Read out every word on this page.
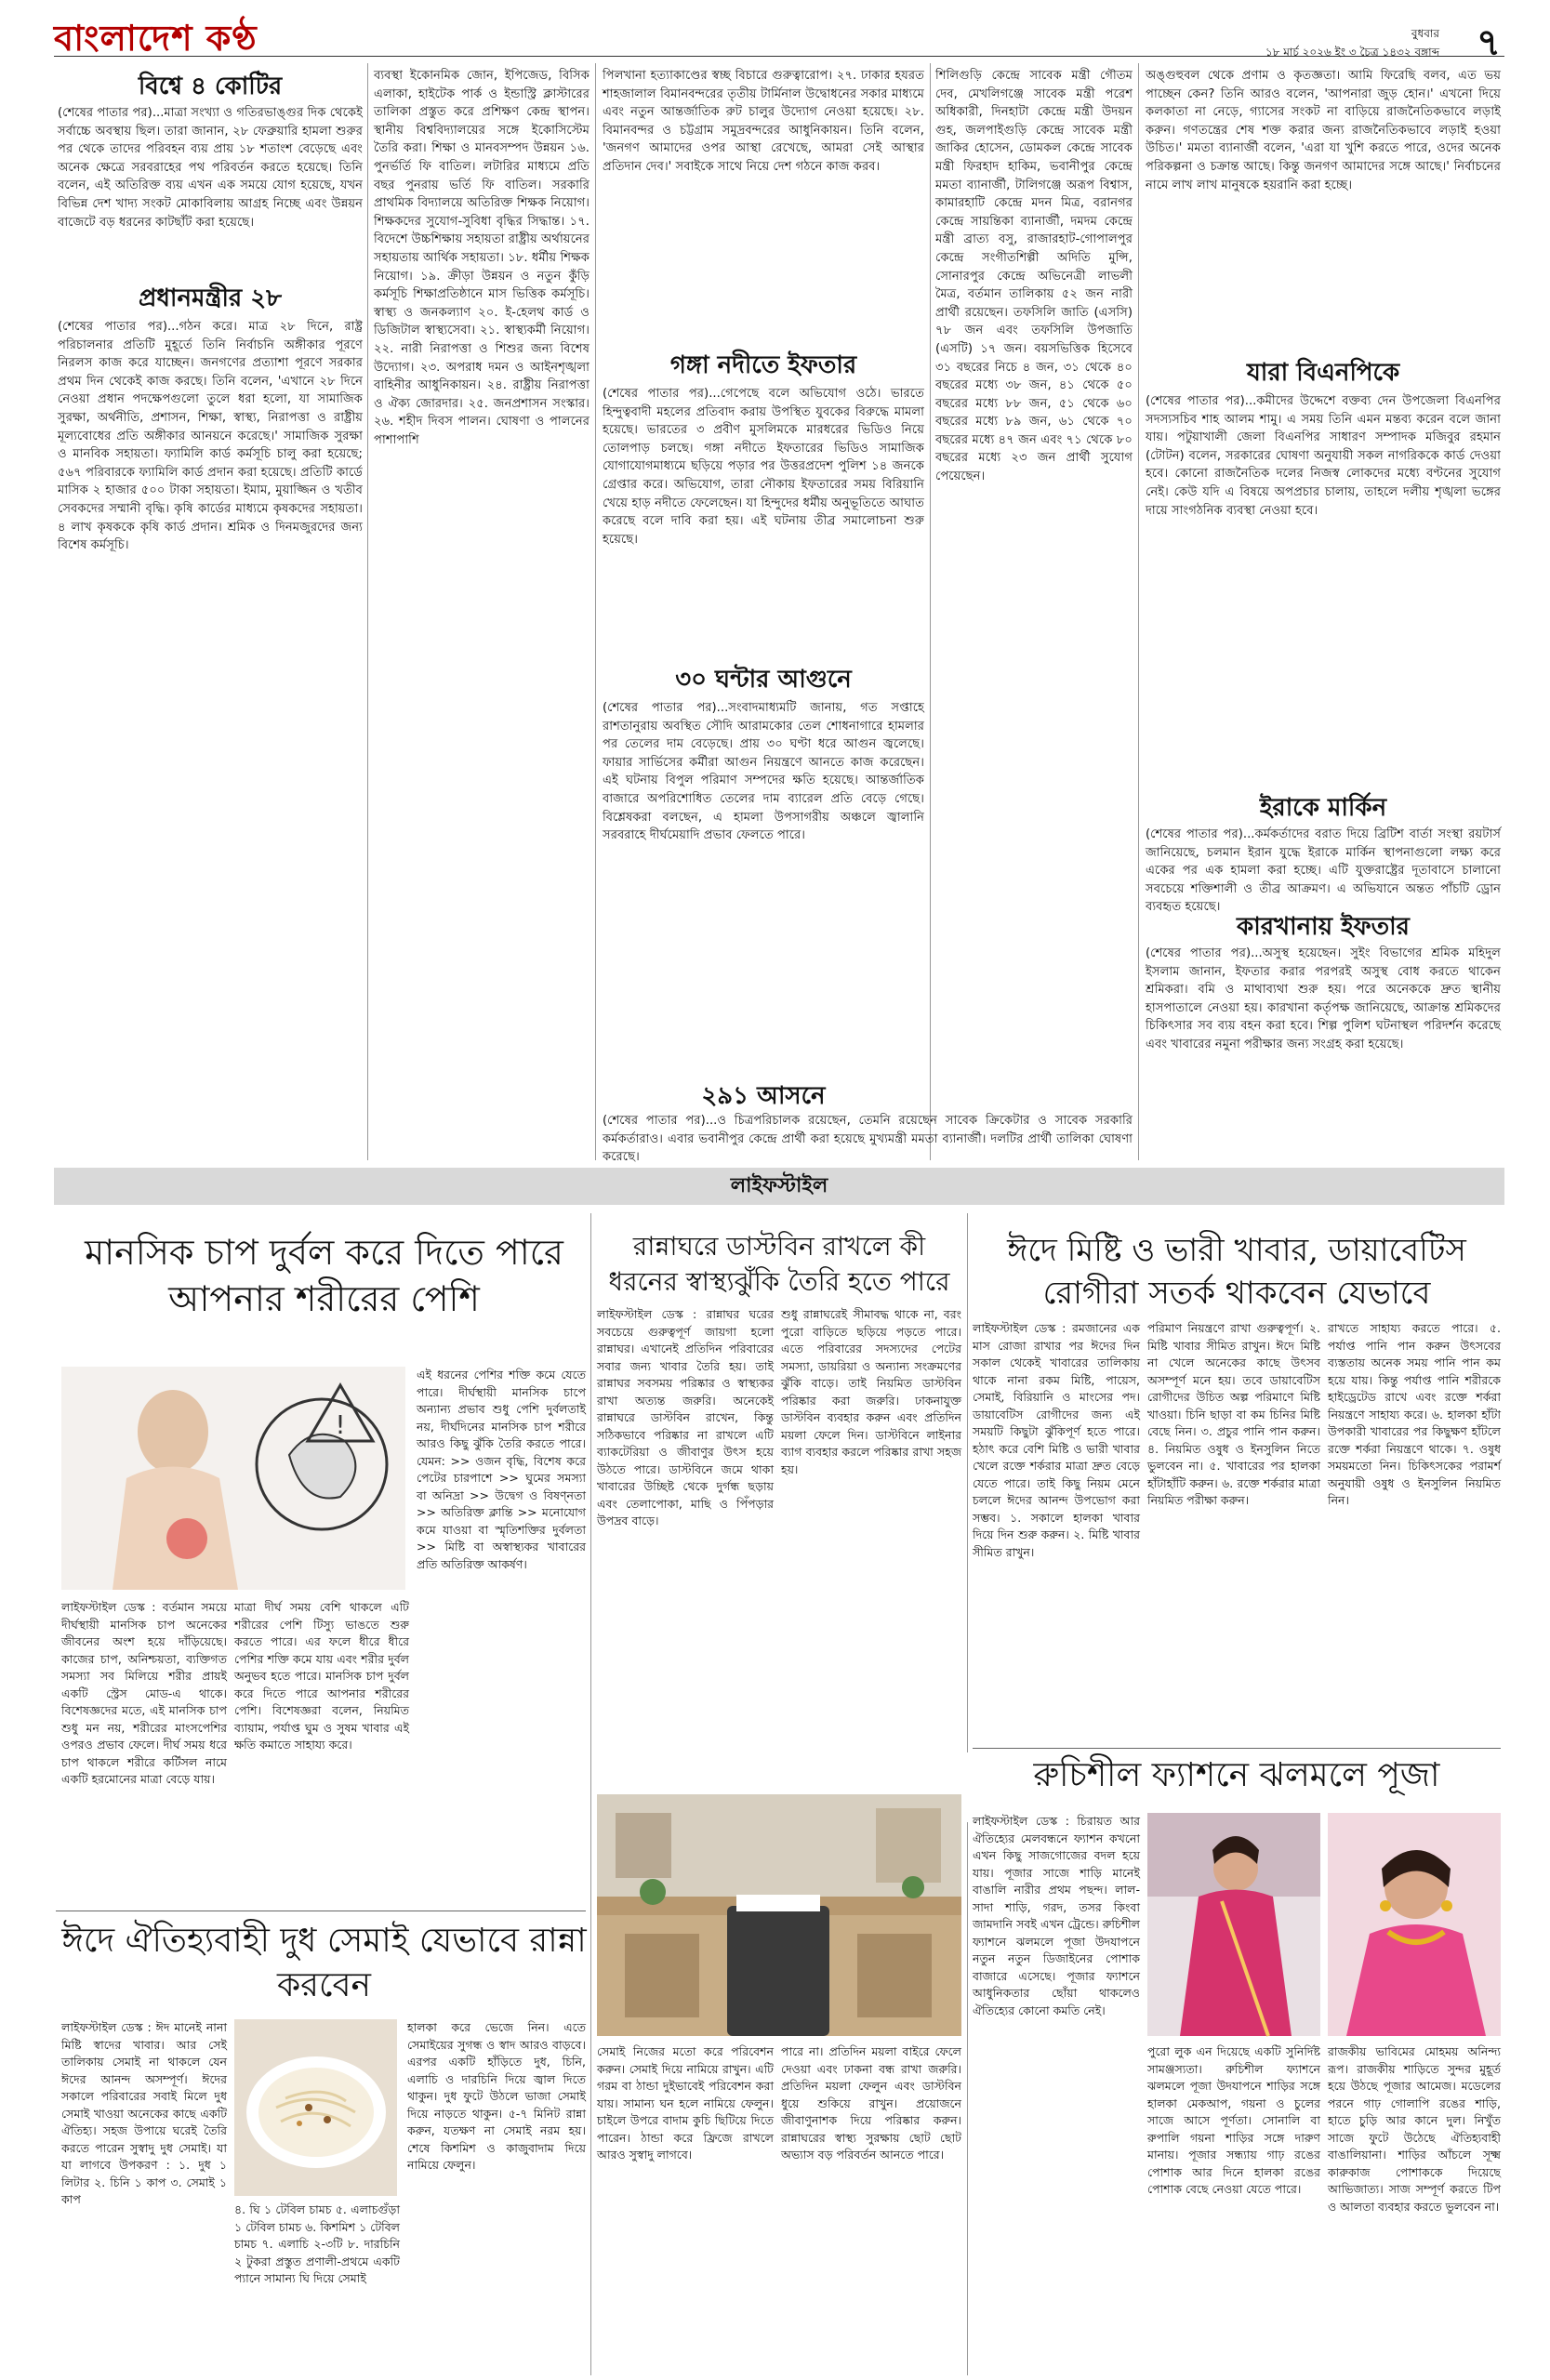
বাংলাদেশ কণ্ঠ	বুধবার
১৮ মার্চ ২০২৬ ইং ৩ চৈত্র ১৪৩২ বঙ্গাব্দ ৭
বিশ্বে ৪ কোটির
(শেষের পাতার পর)...মাত্রা সংখ্যা ও গতিরভাঙ্গুর দিক থেকেই সর্বাচ্চে অবস্থায় ছিল। তারা জানান, ২৮ ফেব্রুয়ারি হামলা শুরুর পর থেকে তাদের পরিবহন ব্যয় প্রায় ১৮ শতাংশ বেড়েছে এবং অনেক ক্ষেত্রে সরবরাহের পথ পরিবর্তন করতে হয়েছে। তিনি বলেন, এই অতিরিক্ত ব্যয় এখন এক সময়ে যোগ হয়েছে, যখন বিভিন্ন দেশ খাদ্য সংকট মোকাবিলায় আগ্রহ নিচ্ছে এবং উন্নয়ন বাজেটে বড় ধরনের কাটছাঁট করা হয়েছে।
প্রধানমন্ত্রীর ২৮
(শেষের পাতার পর)...গঠন করে। মাত্র ২৮ দিনে, রাষ্ট্র পরিচালনার প্রতিটি মুহূর্তে তিনি নির্বাচনি অঙ্গীকার পূরণে নিরলস কাজ করে যাচ্ছেন। জনগণের প্রত্যাশা পূরণে সরকার প্রথম দিন থেকেই কাজ করছে। তিনি বলেন, 'এখানে ২৮ দিনে নেওয়া প্রধান পদক্ষেপগুলো তুলে ধরা হলো, যা সামাজিক সুরক্ষা, অর্থনীতি, প্রশাসন, শিক্ষা, স্বাস্থ্য, নিরাপত্তা ও রাষ্ট্রীয় মূল্যবোধের প্রতি অঙ্গীকার আনয়নে করেছে।' সামাজিক সুরক্ষা ও মানবিক সহায়তা। ফ্যামিলি কার্ড কর্মসূচি চালু করা হয়েছে; ৫৬৭ পরিবারকে ফ্যামিলি কার্ড প্রদান করা হয়েছে। প্রতিটি কার্ডে মাসিক ২ হাজার ৫০০ টাকা সহায়তা। ইমাম, মুয়াজ্জিন ও খতীব সেবকদের সম্মানী বৃদ্ধি। কৃষি কার্ডের মাধ্যমে কৃষকদের সহায়তা। ৪ লাখ কৃষককে কৃষি কার্ড প্রদান। শ্রমিক ও দিনমজুরদের জন্য বিশেষ কর্মসূচি।
ব্যবস্থা ইকোনমিক জোন, ইপিজেড, বিসিক এলাকা, হাইটেক পার্ক ও ইন্ডাস্ট্রি ক্লাস্টারের তালিকা প্রস্তুত করে প্রশিক্ষণ কেন্দ্র স্থাপন। স্থানীয় বিশ্ববিদ্যালয়ের সঙ্গে ইকোসিস্টেম তৈরি করা। শিক্ষা ও মানবসম্পদ উন্নয়ন ১৬. পুনর্ভর্তি ফি বাতিল। লটারির মাধ্যমে প্রতি বছর পুনরায় ভর্তি ফি বাতিল। সরকারি প্রাথমিক বিদ্যালয়ে অতিরিক্ত শিক্ষক নিয়োগ। শিক্ষকদের সুযোগ-সুবিধা বৃদ্ধির সিদ্ধান্ত। ১৭. বিদেশে উচ্চশিক্ষায় সহায়তা রাষ্ট্রীয় অর্থায়নের সহায়তায় আর্থিক সহায়তা। ১৮. ধর্মীয় শিক্ষক নিয়োগ। ১৯. ক্রীড়া উন্নয়ন ও নতুন কুঁড়ি কর্মসূচি শিক্ষাপ্রতিষ্ঠানে মাস ভিত্তিক কর্মসূচি। স্বাস্থ্য ও জনকল্যাণ ২০. ই-হেলথ কার্ড ও ডিজিটাল স্বাস্থ্যসেবা। ২১. স্বাস্থ্যকর্মী নিয়োগ। ২২. নারী নিরাপত্তা ও শিশুর জন্য বিশেষ উদ্যোগ। ২৩. অপরাধ দমন ও আইনশৃঙ্খলা বাহিনীর আধুনিকায়ন। ২৪. রাষ্ট্রীয় নিরাপত্তা ও ঐক্য জোরদার। ২৫. জনপ্রশাসন সংস্কার। ২৬. শহীদ দিবস পালন। ঘোষণা ও পালনের পাশাপাশি
পিলখানা হত্যাকাণ্ডের স্বচ্ছ বিচারে গুরুত্বারোপ। ২৭. ঢাকার হযরত শাহজালাল বিমানবন্দরের তৃতীয় টার্মিনাল উদ্বোধনের সকার মাধ্যমে এবং নতুন আন্তর্জাতিক রুট চালুর উদ্যোগ নেওয়া হয়েছে। ২৮. বিমানবন্দর ও চট্টগ্রাম সমুদ্রবন্দরের আধুনিকায়ন। তিনি বলেন, 'জনগণ আমাদের ওপর আস্থা রেখেছে, আমরা সেই আস্থার প্রতিদান দেব।' সবাইকে সাথে নিয়ে দেশ গঠনে কাজ করব।
গঙ্গা নদীতে ইফতার
(শেষের পাতার পর)...গেপেছে বলে অভিযোগ ওঠে। ভারতে হিন্দুত্ববাদী মহলের প্রতিবাদ করায় উপস্থিত যুবকের বিরুদ্ধে মামলা হয়েছে। ভারতের ৩ প্রবীণ মুসলিমকে মারধরের ভিডিও নিয়ে তোলপাড় চলছে। গঙ্গা নদীতে ইফতারের ভিডিও সামাজিক যোগাযোগমাধ্যমে ছড়িয়ে পড়ার পর উত্তরপ্রদেশ পুলিশ ১৪ জনকে গ্রেপ্তার করে। অভিযোগ, তারা নৌকায় ইফতারের সময় বিরিয়ানি খেয়ে হাড় নদীতে ফেলেছেন। যা হিন্দুদের ধর্মীয় অনুভূতিতে আঘাত করেছে বলে দাবি করা হয়। এই ঘটনায় তীব্র সমালোচনা শুরু হয়েছে।
৩০ ঘন্টার আগুনে
(শেষের পাতার পর)...সংবাদমাধ্যমটি জানায়, গত সপ্তাহে রাশতানুরায় অবস্থিত সৌদি আরামকোর তেল শোধনাগারে হামলার পর তেলের দাম বেড়েছে। প্রায় ৩০ ঘণ্টা ধরে আগুন জ্বলেছে। ফায়ার সার্ভিসের কর্মীরা আগুন নিয়ন্ত্রণে আনতে কাজ করেছেন। এই ঘটনায় বিপুল পরিমাণ সম্পদের ক্ষতি হয়েছে। আন্তর্জাতিক বাজারে অপরিশোধিত তেলের দাম ব্যারেল প্রতি বেড়ে গেছে। বিশ্লেষকরা বলছেন, এ হামলা উপসাগরীয় অঞ্চলে জ্বালানি সরবরাহে দীর্ঘমেয়াদি প্রভাব ফেলতে পারে।
২৯১ আসনে
(শেষের পাতার পর)...ও চিত্রপরিচালক রয়েছেন, তেমনি রয়েছেন সাবেক ক্রিকেটার ও সাবেক সরকারি কর্মকর্তারাও। এবার ভবানীপুর কেন্দ্রে প্রার্থী করা হয়েছে মুখ্যমন্ত্রী মমতা ব্যানার্জী। দলটির প্রার্থী তালিকা ঘোষণা করেছে।
শিলিগুড়ি কেন্দ্রে সাবেক মন্ত্রী গৌতম দেব, মেখলিগঞ্জে সাবেক মন্ত্রী পরেশ অধিকারী, দিনহাটা কেন্দ্রে মন্ত্রী উদয়ন গুহ, জলপাইগুড়ি কেন্দ্রে সাবেক মন্ত্রী জাকির হোসেন, ডোমকল কেন্দ্রে সাবেক মন্ত্রী ফিরহাদ হাকিম, ভবানীপুর কেন্দ্রে মমতা ব্যানার্জী, টালিগঞ্জে অরূপ বিশ্বাস, কামারহাটি কেন্দ্রে মদন মিত্র, বরানগর কেন্দ্রে সায়ন্তিকা ব্যানার্জী, দমদম কেন্দ্রে মন্ত্রী ব্রাত্য বসু, রাজারহাট-গোপালপুর কেন্দ্রে সংগীতশিল্পী অদিতি মুন্সি, সোনারপুর কেন্দ্রে অভিনেত্রী লাভলী মৈত্র, বর্তমান তালিকায় ৫২ জন নারী প্রার্থী রয়েছেন। তফসিলি জাতি (এসসি) ৭৮ জন এবং তফসিলি উপজাতি (এসটি) ১৭ জন। বয়সভিত্তিক হিসেবে ৩১ বছরের নিচে ৪ জন, ৩১ থেকে ৪০ বছরের মধ্যে ৩৮ জন, ৪১ থেকে ৫০ বছরের মধ্যে ৮৮ জন, ৫১ থেকে ৬০ বছরের মধ্যে ৮৯ জন, ৬১ থেকে ৭০ বছরের মধ্যে ৪৭ জন এবং ৭১ থেকে ৮০ বছরের মধ্যে ২৩ জন প্রার্থী সুযোগ পেয়েছেন।
অঙ্গুহুবল থেকে প্রণাম ও কৃতজ্ঞতা। আমি ফিরেছি বলব, এত ভয় পাচ্ছেন কেন? তিনি আরও বলেন, 'আপনারা জুড় হোন।' এখনো দিয়ে কলকাতা না নেড়ে, গ্যাসের সংকট না বাড়িয়ে রাজনৈতিকভাবে লড়াই করুন। গণতন্ত্রের শেষ শক্ত করার জন্য রাজনৈতিকভাবে লড়াই হওয়া উচিত।' মমতা ব্যানার্জী বলেন, 'এরা যা খুশি করতে পারে, ওদের অনেক পরিকল্পনা ও চক্রান্ত আছে। কিন্তু জনগণ আমাদের সঙ্গে আছে।' নির্বাচনের নামে লাখ লাখ মানুষকে হয়রানি করা হচ্ছে।
যারা বিএনপিকে
(শেষের পাতার পর)...কমীদের উদ্দেশে বক্তব্য দেন উপজেলা বিএনপির সদস্যসচিব শাহ আলম শামু। এ সময় তিনি এমন মন্তব্য করেন বলে জানা যায়। পটুয়াখালী জেলা বিএনপির সাধারণ সম্পাদক মজিবুর রহমান (টোটন) বলেন, সরকারের ঘোষণা অনুযায়ী সকল নাগরিককে কার্ড দেওয়া হবে। কোনো রাজনৈতিক দলের নিজস্ব লোকদের মধ্যে বণ্টনের সুযোগ নেই। কেউ যদি এ বিষয়ে অপপ্রচার চালায়, তাহলে দলীয় শৃঙ্খলা ভঙ্গের দায়ে সাংগঠনিক ব্যবস্থা নেওয়া হবে।
ইরাকে মার্কিন
(শেষের পাতার পর)...কর্মকর্তাদের বরাত দিয়ে ব্রিটিশ বার্তা সংস্থা রয়টার্স জানিয়েছে, চলমান ইরান যুদ্ধে ইরাকে মার্কিন স্থাপনাগুলো লক্ষ্য করে একের পর এক হামলা করা হচ্ছে। এটি যুক্তরাষ্ট্রের দূতাবাসে চালানো সবচেয়ে শক্তিশালী ও তীব্র আক্রমণ। এ অভিযানে অন্তত পাঁচটি ড্রোন ব্যবহৃত হয়েছে।
কারখানায় ইফতার
(শেষের পাতার পর)...অসুস্থ হয়েছেন। সুইং বিভাগের শ্রমিক মহিদুল ইসলাম জানান, ইফতার করার পরপরই অসুস্থ বোধ করতে থাকেন শ্রমিকরা। বমি ও মাথাব্যথা শুরু হয়। পরে অনেককে দ্রুত স্থানীয় হাসপাতালে নেওয়া হয়। কারখানা কর্তৃপক্ষ জানিয়েছে, আক্রান্ত শ্রমিকদের চিকিৎসার সব ব্যয় বহন করা হবে। শিল্প পুলিশ ঘটনাস্থল পরিদর্শন করেছে এবং খাবারের নমুনা পরীক্ষার জন্য সংগ্রহ করা হয়েছে।
লাইফস্টাইল
মানসিক চাপ দুর্বল করে দিতে পারে আপনার শরীরের পেশি
!
লাইফস্টাইল ডেস্ক : বর্তমান সময়ে দীর্ঘস্থায়ী মানসিক চাপ অনেকের জীবনের অংশ হয়ে দাঁড়িয়েছে। কাজের চাপ, অনিশ্চয়তা, ব্যক্তিগত সমস্যা সব মিলিয়ে শরীর প্রায়ই একটি স্ট্রেস মোড-এ থাকে। বিশেষজ্ঞদের মতে, এই মানসিক চাপ শুধু মন নয়, শরীরের মাংসপেশির ওপরও প্রভাব ফেলে। দীর্ঘ সময় ধরে চাপ থাকলে শরীরে কর্টিসল নামে একটি হরমোনের মাত্রা বেড়ে যায়।
মাত্রা দীর্ঘ সময় বেশি থাকলে এটি শরীরের পেশি টিস্যু ভাঙতে শুরু করতে পারে। এর ফলে ধীরে ধীরে পেশির শক্তি কমে যায় এবং শরীর দুর্বল অনুভব হতে পারে। মানসিক চাপ দুর্বল করে দিতে পারে আপনার শরীরের পেশি। বিশেষজ্ঞরা বলেন, নিয়মিত ব্যায়াম, পর্যাপ্ত ঘুম ও সুষম খাবার এই ক্ষতি কমাতে সাহায্য করে।
এই ধরনের পেশির শক্তি কমে যেতে পারে। দীর্ঘস্থায়ী মানসিক চাপে অন্যান্য প্রভাব শুধু পেশি দুর্বলতাই নয়, দীর্ঘদিনের মানসিক চাপ শরীরে আরও কিছু ঝুঁকি তৈরি করতে পারে। যেমন: >> ওজন বৃদ্ধি, বিশেষ করে পেটের চারপাশে >> ঘুমের সমস্যা বা অনিদ্রা >> উদ্বেগ ও বিষণ্নতা >> অতিরিক্ত ক্লান্তি >> মনোযোগ কমে যাওয়া বা স্মৃতিশক্তির দুর্বলতা >> মিষ্টি বা অস্বাস্থ্যকর খাবারের প্রতি অতিরিক্ত আকর্ষণ।
ঈদে ঐতিহ্যবাহী দুধ সেমাই যেভাবে রান্না করবেন
লাইফস্টাইল ডেস্ক : ঈদ মানেই নানা মিষ্টি স্বাদের খাবার। আর সেই তালিকায় সেমাই না থাকলে যেন ঈদের আনন্দ অসম্পূর্ণ। ঈদের সকালে পরিবারের সবাই মিলে দুধ সেমাই খাওয়া অনেকের কাছে একটি ঐতিহ্য। সহজ উপায়ে ঘরেই তৈরি করতে পারেন সুস্বাদু দুধ সেমাই। যা যা লাগবে উপকরণ : ১. দুধ ১ লিটার ২. চিনি ১ কাপ ৩. সেমাই ১ কাপ
৪. ঘি ১ টেবিল চামচ ৫. এলাচগুঁড়া ১ টেবিল চামচ ৬. কিশমিশ ১ টেবিল চামচ ৭. এলাচি ২-৩টি ৮. দারচিনি ২ টুকরা প্রস্তুত প্রণালী-প্রথমে একটি প্যানে সামান্য ঘি দিয়ে সেমাই
হালকা করে ভেজে নিন। এতে সেমাইয়ের সুগন্ধ ও স্বাদ আরও বাড়বে। এরপর একটি হাঁড়িতে দুধ, চিনি, এলাচি ও দারচিনি দিয়ে জ্বাল দিতে থাকুন। দুধ ফুটে উঠলে ভাজা সেমাই দিয়ে নাড়তে থাকুন। ৫-৭ মিনিট রান্না করুন, যতক্ষণ না সেমাই নরম হয়। শেষে কিশমিশ ও কাজুবাদাম দিয়ে নামিয়ে ফেলুন।
রান্নাঘরে ডাস্টবিন রাখলে কী ধরনের স্বাস্থ্যঝুঁকি তৈরি হতে পারে
লাইফস্টাইল ডেস্ক : রান্নাঘর ঘরের সবচেয়ে গুরুত্বপূর্ণ জায়গা হলো রান্নাঘর। এখানেই প্রতিদিন পরিবারের সবার জন্য খাবার তৈরি হয়। তাই রান্নাঘর সবসময় পরিষ্কার ও স্বাস্থ্যকর রাখা অত্যন্ত জরুরি। অনেকেই রান্নাঘরে ডাস্টবিন রাখেন, কিন্তু সঠিকভাবে পরিষ্কার না রাখলে এটি ব্যাকটেরিয়া ও জীবাণুর উৎস হয়ে উঠতে পারে। ডাস্টবিনে জমে থাকা খাবারের উচ্ছিষ্ট থেকে দুর্গন্ধ ছড়ায় এবং তেলাপোকা, মাছি ও পিঁপড়ার উপদ্রব বাড়ে।
শুধু রান্নাঘরেই সীমাবদ্ধ থাকে না, বরং পুরো বাড়িতে ছড়িয়ে পড়তে পারে। এতে পরিবারের সদস্যদের পেটের সমস্যা, ডায়রিয়া ও অন্যান্য সংক্রমণের ঝুঁকি বাড়ে। তাই নিয়মিত ডাস্টবিন পরিষ্কার করা জরুরি। ঢাকনাযুক্ত ডাস্টবিন ব্যবহার করুন এবং প্রতিদিন ময়লা ফেলে দিন। ডাস্টবিনে লাইনার ব্যাগ ব্যবহার করলে পরিষ্কার রাখা সহজ হয়।
সেমাই নিজের মতো করে পরিবেশন করুন। সেমাই দিয়ে নামিয়ে রাখুন। এটি গরম বা ঠান্ডা দুইভাবেই পরিবেশন করা যায়। সামান্য ঘন হলে নামিয়ে ফেলুন। চাইলে উপরে বাদাম কুচি ছিটিয়ে দিতে পারেন। ঠান্ডা করে ফ্রিজে রাখলে আরও সুস্বাদু লাগবে।
পারে না। প্রতিদিন ময়লা বাইরে ফেলে দেওয়া এবং ঢাকনা বন্ধ রাখা জরুরি। প্রতিদিন ময়লা ফেলুন এবং ডাস্টবিন ধুয়ে শুকিয়ে রাখুন। প্রয়োজনে জীবাণুনাশক দিয়ে পরিষ্কার করুন। রান্নাঘরের স্বাস্থ্য সুরক্ষায় ছোট ছোট অভ্যাস বড় পরিবর্তন আনতে পারে।
ঈদে মিষ্টি ও ভারী খাবার, ডায়াবেটিস রোগীরা সতর্ক থাকবেন যেভাবে
লাইফস্টাইল ডেস্ক : রমজানের এক মাস রোজা রাখার পর ঈদের দিন সকাল থেকেই খাবারের তালিকায় থাকে নানা রকম মিষ্টি, পায়েস, সেমাই, বিরিয়ানি ও মাংসের পদ। ডায়াবেটিস রোগীদের জন্য এই সময়টি কিছুটা ঝুঁকিপূর্ণ হতে পারে। হঠাৎ করে বেশি মিষ্টি ও ভারী খাবার খেলে রক্তে শর্করার মাত্রা দ্রুত বেড়ে যেতে পারে। তাই কিছু নিয়ম মেনে চললে ঈদের আনন্দ উপভোগ করা সম্ভব। ১. সকালে হালকা খাবার দিয়ে দিন শুরু করুন। ২. মিষ্টি খাবার সীমিত রাখুন।
পরিমাণ নিয়ন্ত্রণে রাখা গুরুত্বপূর্ণ। ২. মিষ্টি খাবার সীমিত রাখুন। ঈদে মিষ্টি না খেলে অনেকের কাছে উৎসব অসম্পূর্ণ মনে হয়। তবে ডায়াবেটিস রোগীদের উচিত অল্প পরিমাণে মিষ্টি খাওয়া। চিনি ছাড়া বা কম চিনির মিষ্টি বেছে নিন। ৩. প্রচুর পানি পান করুন। ৪. নিয়মিত ওষুধ ও ইনসুলিন নিতে ভুলবেন না। ৫. খাবারের পর হালকা হাঁটাহাঁটি করুন। ৬. রক্তে শর্করার মাত্রা নিয়মিত পরীক্ষা করুন।
রাখতে সাহায্য করতে পারে। ৫. পর্যাপ্ত পানি পান করুন উৎসবের ব্যস্ততায় অনেক সময় পানি পান কম হয়ে যায়। কিন্তু পর্যাপ্ত পানি শরীরকে হাইড্রেটেড রাখে এবং রক্তে শর্করা নিয়ন্ত্রণে সাহায্য করে। ৬. হালকা হাঁটা উপকারী খাবারের পর কিছুক্ষণ হাঁটলে রক্তে শর্করা নিয়ন্ত্রণে থাকে। ৭. ওষুধ সময়মতো নিন। চিকিৎসকের পরামর্শ অনুযায়ী ওষুধ ও ইনসুলিন নিয়মিত নিন।
রুচিশীল ফ্যাশনে ঝলমলে পূজা
লাইফস্টাইল ডেস্ক : চিরায়ত আর ঐতিহ্যের মেলবন্ধনে ফ্যাশন কখনো এখন কিছু সাজগোজের বদল হয়ে যায়। পূজার সাজে শাড়ি মানেই বাঙালি নারীর প্রথম পছন্দ। লাল-সাদা শাড়ি, গরদ, তসর কিংবা জামদানি সবই এখন ট্রেন্ডে। রুচিশীল ফ্যাশনে ঝলমলে পূজা উদযাপনে নতুন নতুন ডিজাইনের পোশাক বাজারে এসেছে। পূজার ফ্যাশনে আধুনিকতার ছোঁয়া থাকলেও ঐতিহ্যের কোনো কমতি নেই।
পুরো লুক এন দিয়েছে একটি সুনির্দিষ্ট সামঞ্জস্যতা। রুচিশীল ফ্যাশনে ঝলমলে পূজা উদযাপনে শাড়ির সঙ্গে হালকা মেকআপ, গয়না ও চুলের সাজে আসে পূর্ণতা। সোনালি বা রুপালি গয়না শাড়ির সঙ্গে দারুণ মানায়। পূজার সন্ধ্যায় গাঢ় রঙের পোশাক আর দিনে হালকা রঙের পোশাক বেছে নেওয়া যেতে পারে।
রাজকীয় ভাবিমের মোহময় অনিন্দ্য রূপ। রাজকীয় শাড়িতে সুন্দর মুহূর্ত হয়ে উঠছে পূজার আমেজ। মডেলের পরনে গাঢ় গোলাপি রঙের শাড়ি, হাতে চুড়ি আর কানে দুল। নিখুঁত সাজে ফুটে উঠেছে ঐতিহ্যবাহী বাঙালিয়ানা। শাড়ির আঁচলে সূক্ষ্ম কারুকাজ পোশাককে দিয়েছে আভিজাত্য। সাজ সম্পূর্ণ করতে টিপ ও আলতা ব্যবহার করতে ভুলবেন না।
